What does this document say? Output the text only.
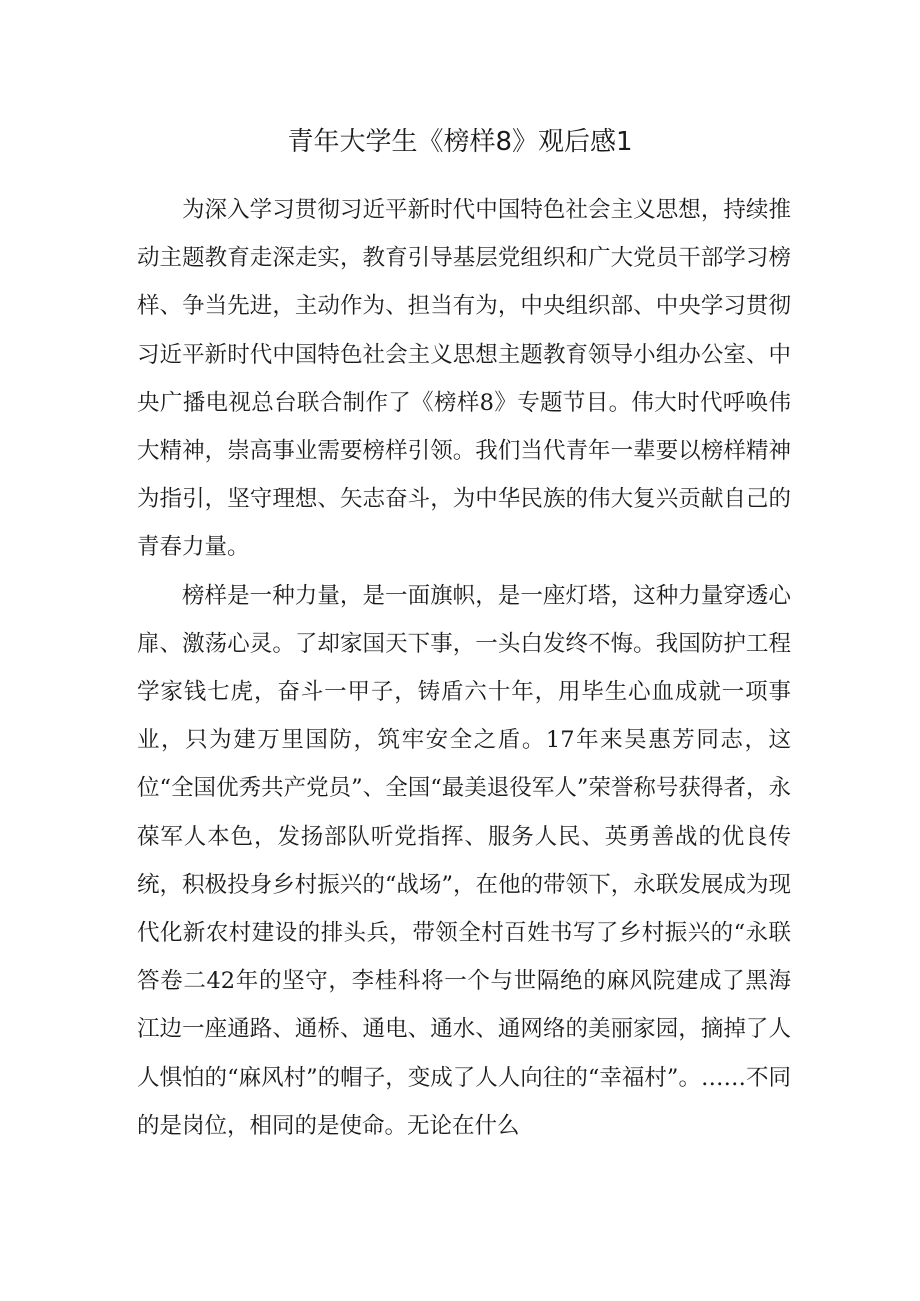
青年大学生《榜样8》观后感1

为深入学习贯彻习近平新时代中国特色社会主义思想，持续推动主题教育走深走实，教育引导基层党组织和广大党员干部学习榜样、争当先进，主动作为、担当有为，中央组织部、中央学习贯彻习近平新时代中国特色社会主义思想主题教育领导小组办公室、中央广播电视总台联合制作了《榜样8》专题节目。伟大时代呼唤伟大精神，崇高事业需要榜样引领。我们当代青年一辈要以榜样精神为指引，坚守理想、矢志奋斗，为中华民族的伟大复兴贡献自己的青春力量。

榜样是一种力量，是一面旗帜，是一座灯塔，这种力量穿透心扉、激荡心灵。了却家国天下事，一头白发终不悔。我国防护工程学家钱七虎，奋斗一甲子，铸盾六十年，用毕生心血成就一项事业，只为建万里国防，筑牢安全之盾。17年来吴惠芳同志，这位“全国优秀共产党员”、全国“最美退役军人”荣誉称号获得者，永葆军人本色，发扬部队听党指挥、服务人民、英勇善战的优良传统，积极投身乡村振兴的“战场”，在他的带领下，永联发展成为现代化新农村建设的排头兵，带领全村百姓书写了乡村振兴的“永联答卷二42年的坚守，李桂科将一个与世隔绝的麻风院建成了黑海江边一座通路、通桥、通电、通水、通网络的美丽家园，摘掉了人人惧怕的“麻风村”的帽子，变成了人人向往的“幸福村”。……不同的是岗位，相同的是使命。无论在什么
